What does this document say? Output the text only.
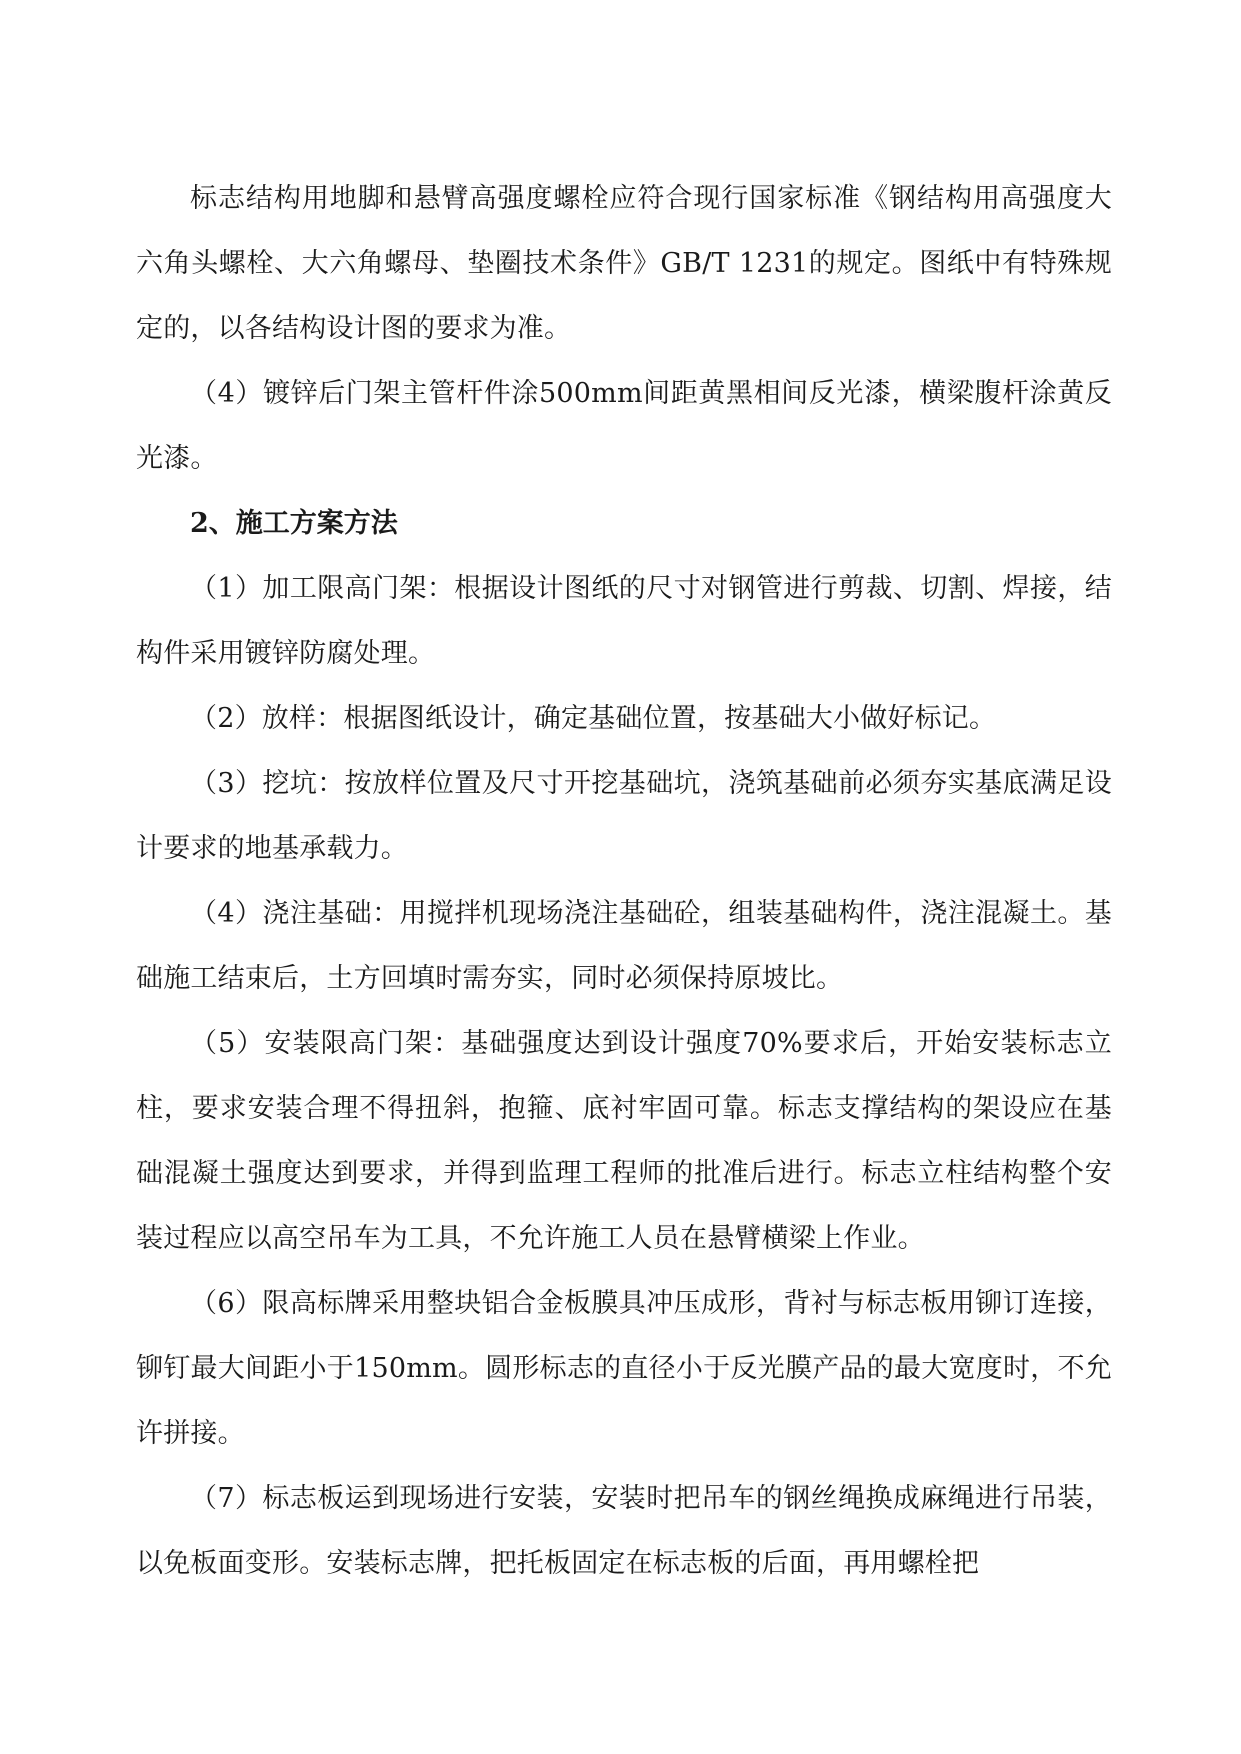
标志结构用地脚和悬臂高强度螺栓应符合现行国家标准《钢结构用高强度大六角头螺栓、大六角螺母、垫圈技术条件》GB/T 1231的规定。图纸中有特殊规定的，以各结构设计图的要求为准。

（4）镀锌后门架主管杆件涂500mm间距黄黑相间反光漆，横梁腹杆涂黄反光漆。

2、施工方案方法

（1）加工限高门架：根据设计图纸的尺寸对钢管进行剪裁、切割、焊接，结构件采用镀锌防腐处理。

（2）放样：根据图纸设计，确定基础位置，按基础大小做好标记。

（3）挖坑：按放样位置及尺寸开挖基础坑，浇筑基础前必须夯实基底满足设计要求的地基承载力。

（4）浇注基础：用搅拌机现场浇注基础砼，组装基础构件，浇注混凝土。基础施工结束后，土方回填时需夯实，同时必须保持原坡比。

（5）安装限高门架：基础强度达到设计强度70%要求后，开始安装标志立柱，要求安装合理不得扭斜，抱箍、底衬牢固可靠。标志支撑结构的架设应在基础混凝土强度达到要求，并得到监理工程师的批准后进行。标志立柱结构整个安装过程应以高空吊车为工具，不允许施工人员在悬臂横梁上作业。

（6）限高标牌采用整块铝合金板膜具冲压成形，背衬与标志板用铆订连接，铆钉最大间距小于150mm。圆形标志的直径小于反光膜产品的最大宽度时，不允许拼接。

（7）标志板运到现场进行安装，安装时把吊车的钢丝绳换成麻绳进行吊装，以免板面变形。安装标志牌，把托板固定在标志板的后面，再用螺栓把
